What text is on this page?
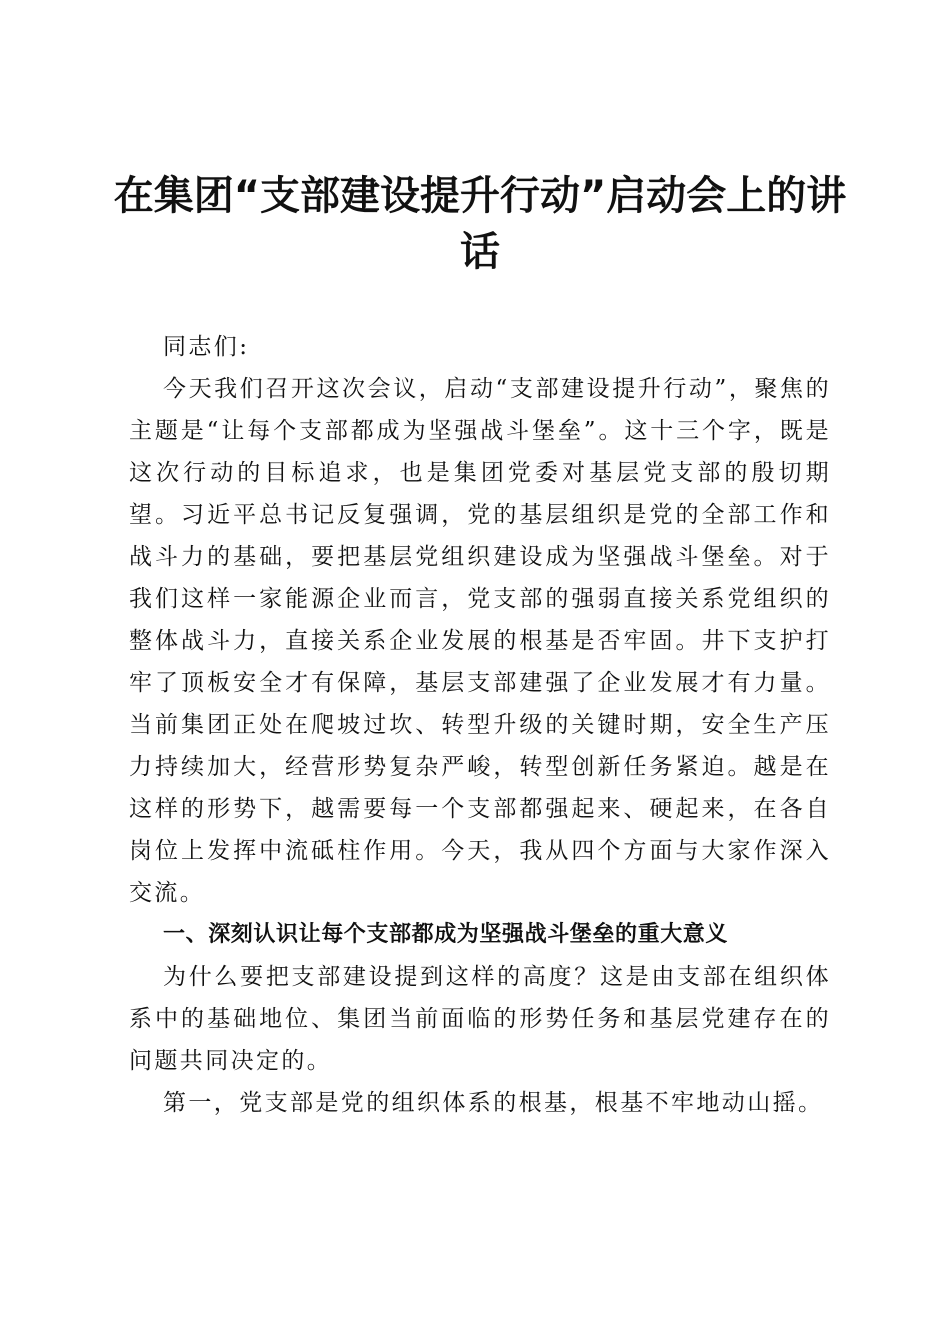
在集团“支部建设提升行动”启动会上的讲话

同志们:

今天我们召开这次会议，启动“支部建设提升行动”，聚焦的主题是“让每个支部都成为坚强战斗堡垒”。这十三个字，既是这次行动的目标追求，也是集团党委对基层党支部的殷切期望。习近平总书记反复强调，党的基层组织是党的全部工作和战斗力的基础，要把基层党组织建设成为坚强战斗堡垒。对于我们这样一家能源企业而言，党支部的强弱直接关系党组织的整体战斗力，直接关系企业发展的根基是否牢固。井下支护打牢了顶板安全才有保障，基层支部建强了企业发展才有力量。当前集团正处在爬坡过坎、转型升级的关键时期，安全生产压力持续加大，经营形势复杂严峻，转型创新任务紧迫。越是在这样的形势下，越需要每一个支部都强起来、硬起来，在各自岗位上发挥中流砥柱作用。今天，我从四个方面与大家作深入交流。

一、深刻认识让每个支部都成为坚强战斗堡垒的重大意义

为什么要把支部建设提到这样的高度？这是由支部在组织体系中的基础地位、集团当前面临的形势任务和基层党建存在的问题共同决定的。

第一，党支部是党的组织体系的根基，根基不牢地动山摇。
